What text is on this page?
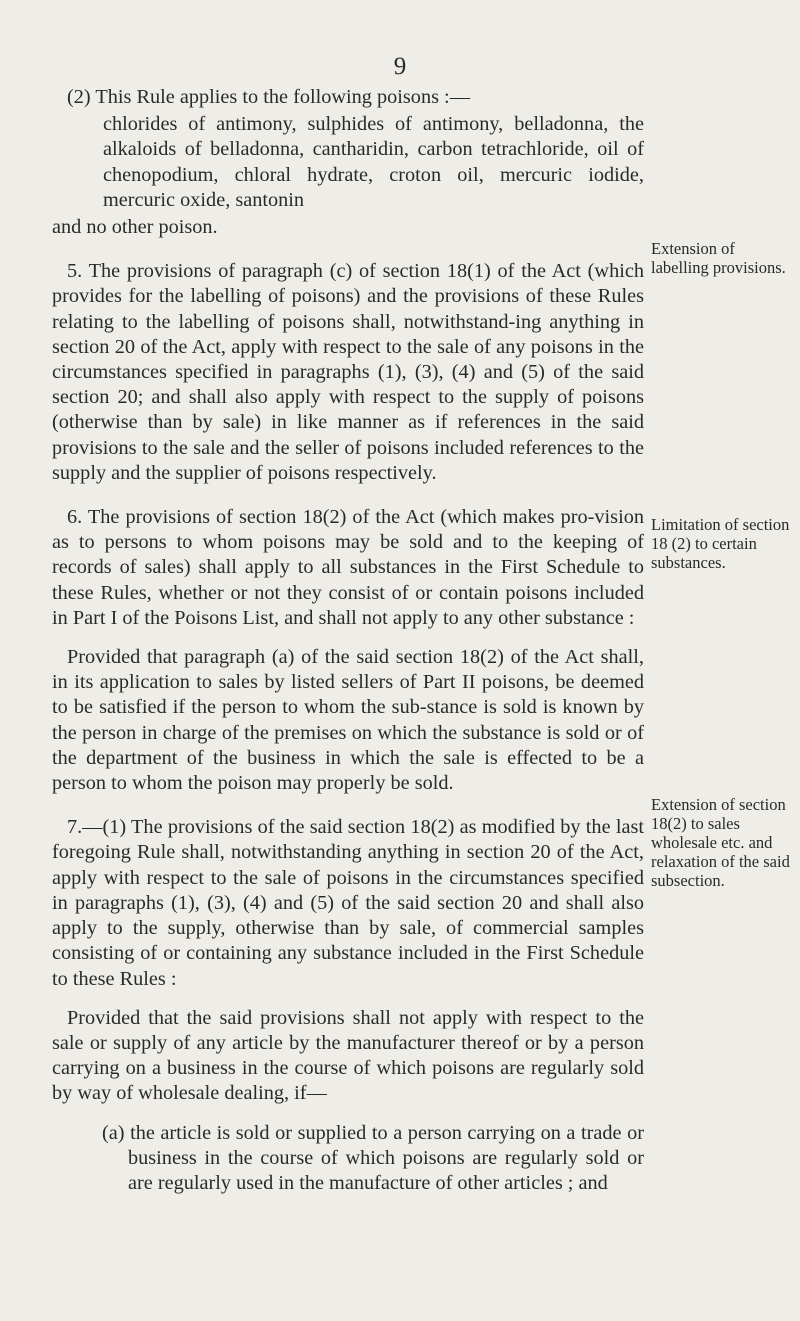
9

(2) This Rule applies to the following poisons :—

chlorides of antimony, sulphides of antimony, belladonna, the alkaloids of belladonna, cantharidin, carbon tetrachloride, oil of chenopodium, chloral hydrate, croton oil, mercuric iodide, mercuric oxide, santonin

and no other poison.

5. The provisions of paragraph (c) of section 18(1) of the Act (which provides for the labelling of poisons) and the provisions of these Rules relating to the labelling of poisons shall, notwithstand-ing anything in section 20 of the Act, apply with respect to the sale of any poisons in the circumstances specified in paragraphs (1), (3), (4) and (5) of the said section 20; and shall also apply with respect to the supply of poisons (otherwise than by sale) in like manner as if references in the said provisions to the sale and the seller of poisons included references to the supply and the supplier of poisons respectively.

6. The provisions of section 18(2) of the Act (which makes pro-vision as to persons to whom poisons may be sold and to the keeping of records of sales) shall apply to all substances in the First Schedule to these Rules, whether or not they consist of or contain poisons included in Part I of the Poisons List, and shall not apply to any other substance :

Provided that paragraph (a) of the said section 18(2) of the Act shall, in its application to sales by listed sellers of Part II poisons, be deemed to be satisfied if the person to whom the sub-stance is sold is known by the person in charge of the premises on which the substance is sold or of the department of the business in which the sale is effected to be a person to whom the poison may properly be sold.

7.—(1) The provisions of the said section 18(2) as modified by the last foregoing Rule shall, notwithstanding anything in section 20 of the Act, apply with respect to the sale of poisons in the circumstances specified in paragraphs (1), (3), (4) and (5) of the said section 20 and shall also apply to the supply, otherwise than by sale, of commercial samples consisting of or containing any substance included in the First Schedule to these Rules :

Provided that the said provisions shall not apply with respect to the sale or supply of any article by the manufacturer thereof or by a person carrying on a business in the course of which poisons are regularly sold by way of wholesale dealing, if—

(a) the article is sold or supplied to a person carrying on a trade or business in the course of which poisons are regularly sold or are regularly used in the manufacture of other articles ; and

Extension of labelling provisions.

Limitation of section 18 (2) to certain substances.

Extension of section 18(2) to sales wholesale etc. and relaxation of the said subsection.
